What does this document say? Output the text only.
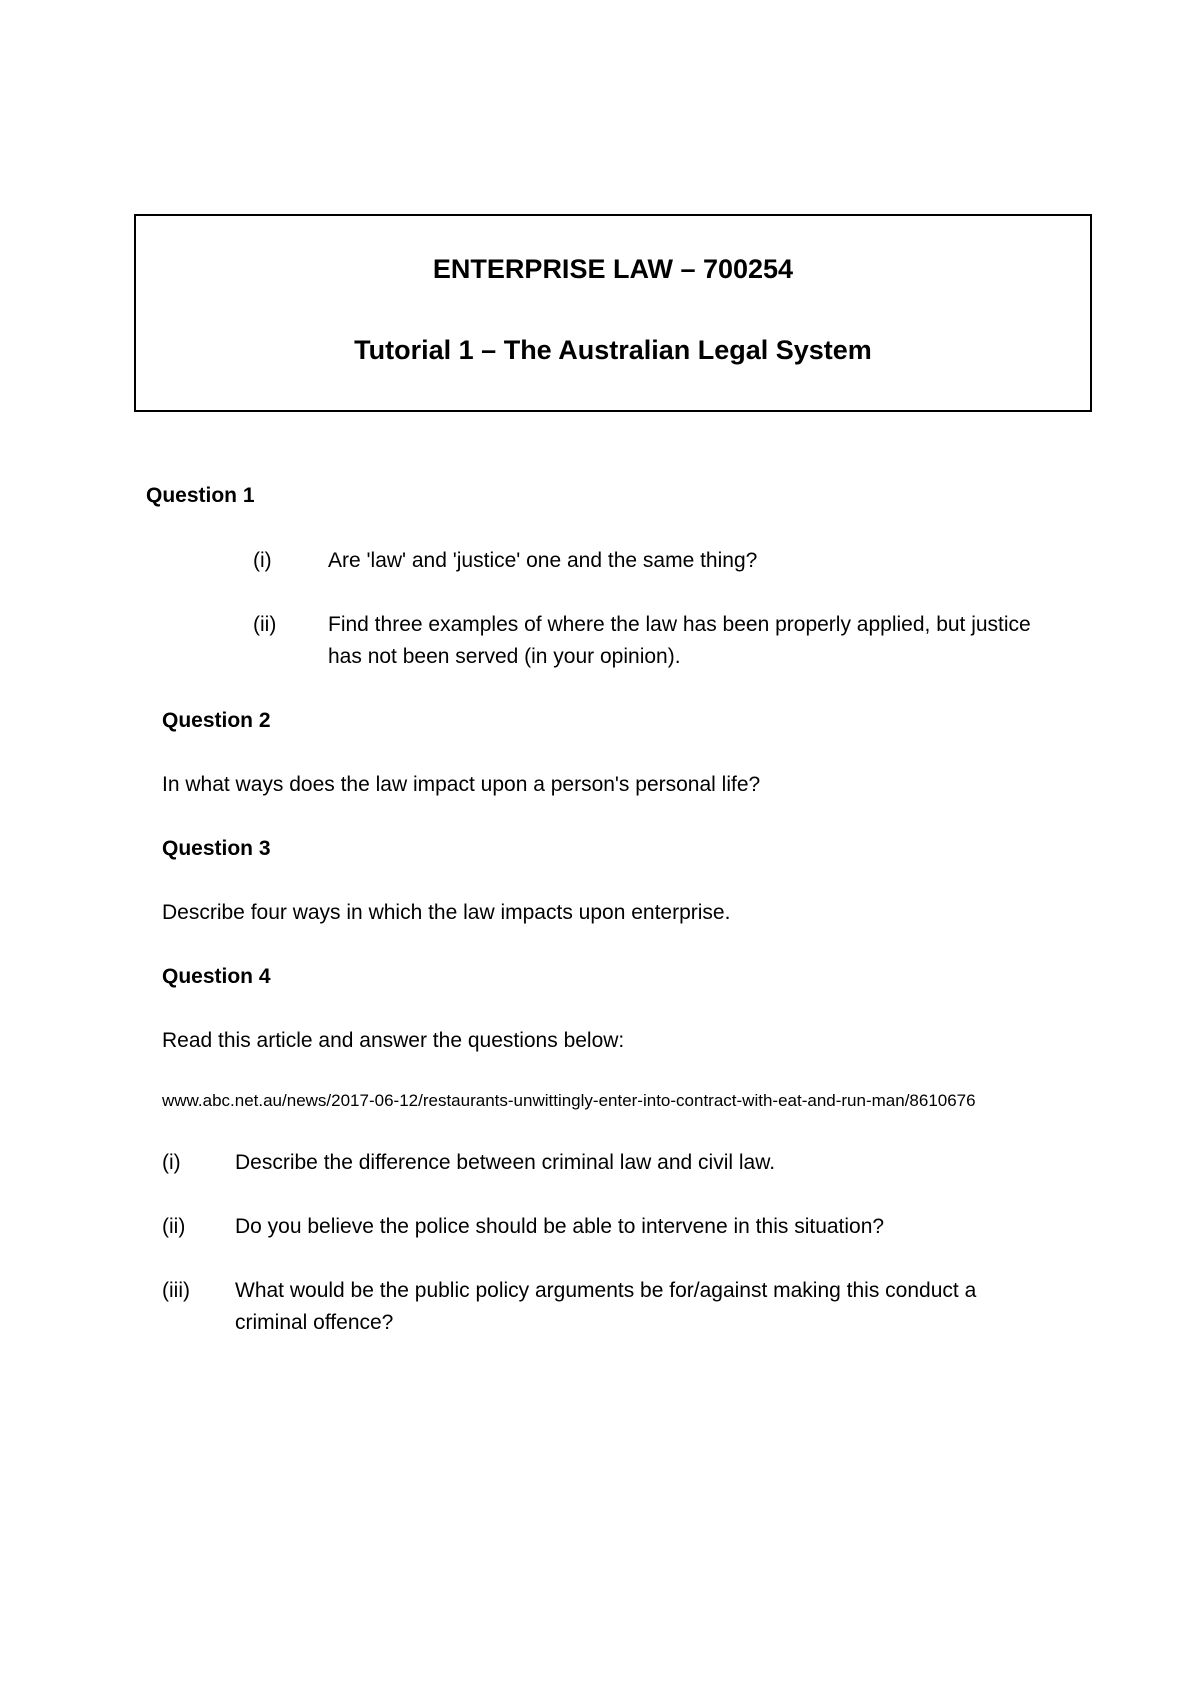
ENTERPRISE LAW – 700254
Tutorial 1 – The Australian Legal System
Question 1
(i)	Are 'law' and 'justice' one and the same thing?
(ii) Find three examples of where the law has been properly applied, but justice
has not been served (in your opinion).
Question 2
In what ways does the law impact upon a person's personal life?
Question 3
Describe four ways in which the law impacts upon enterprise.
Question 4
Read this article and answer the questions below:
www.abc.net.au/news/2017-06-12/restaurants-unwittingly-enter-into-contract-with-eat-and-run-man/8610676
(i)	Describe the difference between criminal law and civil law.
(ii) Do you believe the police should be able to intervene in this situation?
(iii) What would be the public policy arguments be for/against making this conduct a
criminal offence?
